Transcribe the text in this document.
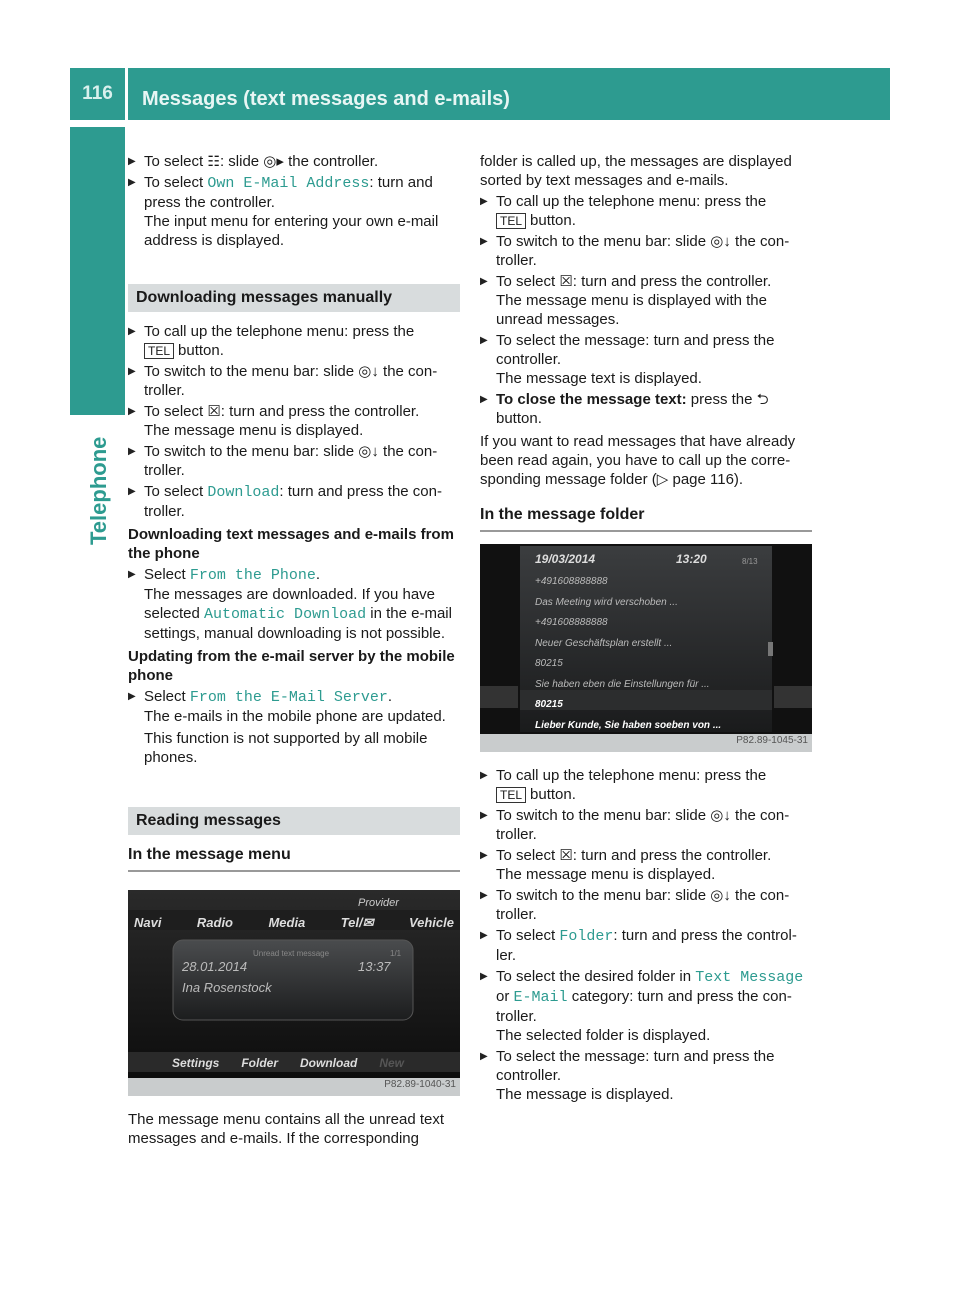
116	Messages (text messages and e-mails)
Telephone
▶ To select ☷: slide ◎▸ the controller.
▶ To select Own E-Mail Address: turn and press the controller.
The input menu for entering your own e-mail address is displayed.
Downloading messages manually
▶ To call up the telephone menu: press the
TEL button.
▶ To switch to the menu bar: slide ◎↓ the con-troller.
▶ To select ☒: turn and press the controller.
The message menu is displayed.
▶ To switch to the menu bar: slide ◎↓ the con-troller.
▶ To select Download: turn and press the con-troller.
Downloading text messages and e-mails from the phone
▶ Select From the Phone.
The messages are downloaded. If you have selected Automatic Download in the e-mail settings, manual downloading is not possible.
Updating from the e-mail server by the mobile phone
▶ Select From the E-Mail Server.
The e-mails in the mobile phone are updated.
This function is not supported by all mobile phones.
Reading messages
In the message menu
Provider
Navi	Radio	Media	Tel/✉	Vehicle
Unread text message	1/1
28.01.2014	13:37
Ina Rosenstock
Settings Folder Download New
P82.89-1040-31
The message menu contains all the unread text messages and e-mails. If the corresponding
folder is called up, the messages are displayed sorted by text messages and e-mails.
▶ To call up the telephone menu: press the
TEL button.
▶ To switch to the menu bar: slide ◎↓ the con-troller.
▶ To select ☒: turn and press the controller.
The message menu is displayed with the unread messages.
▶ To select the message: turn and press the controller.
The message text is displayed.
▶ To close the message text: press the ⮌ button.
If you want to read messages that have already been read again, you have to call up the corre-sponding message folder (▷ page 116).
In the message folder
19/03/2014	13:20	8/13
+491608888888
Das Meeting wird verschoben ...
+491608888888
Neuer Geschäftsplan erstellt ...
80215
Sie haben eben die Einstellungen für ...
80215
Lieber Kunde, Sie haben soeben von ...
P82.89-1045-31
▶ To call up the telephone menu: press the
TEL button.
▶ To switch to the menu bar: slide ◎↓ the con-troller.
▶ To select ☒: turn and press the controller.
The message menu is displayed.
▶ To switch to the menu bar: slide ◎↓ the con-troller.
▶ To select Folder: turn and press the control-ler.
▶ To select the desired folder in Text Message or E-Mail category: turn and press the con-troller.
The selected folder is displayed.
▶ To select the message: turn and press the controller.
The message is displayed.
